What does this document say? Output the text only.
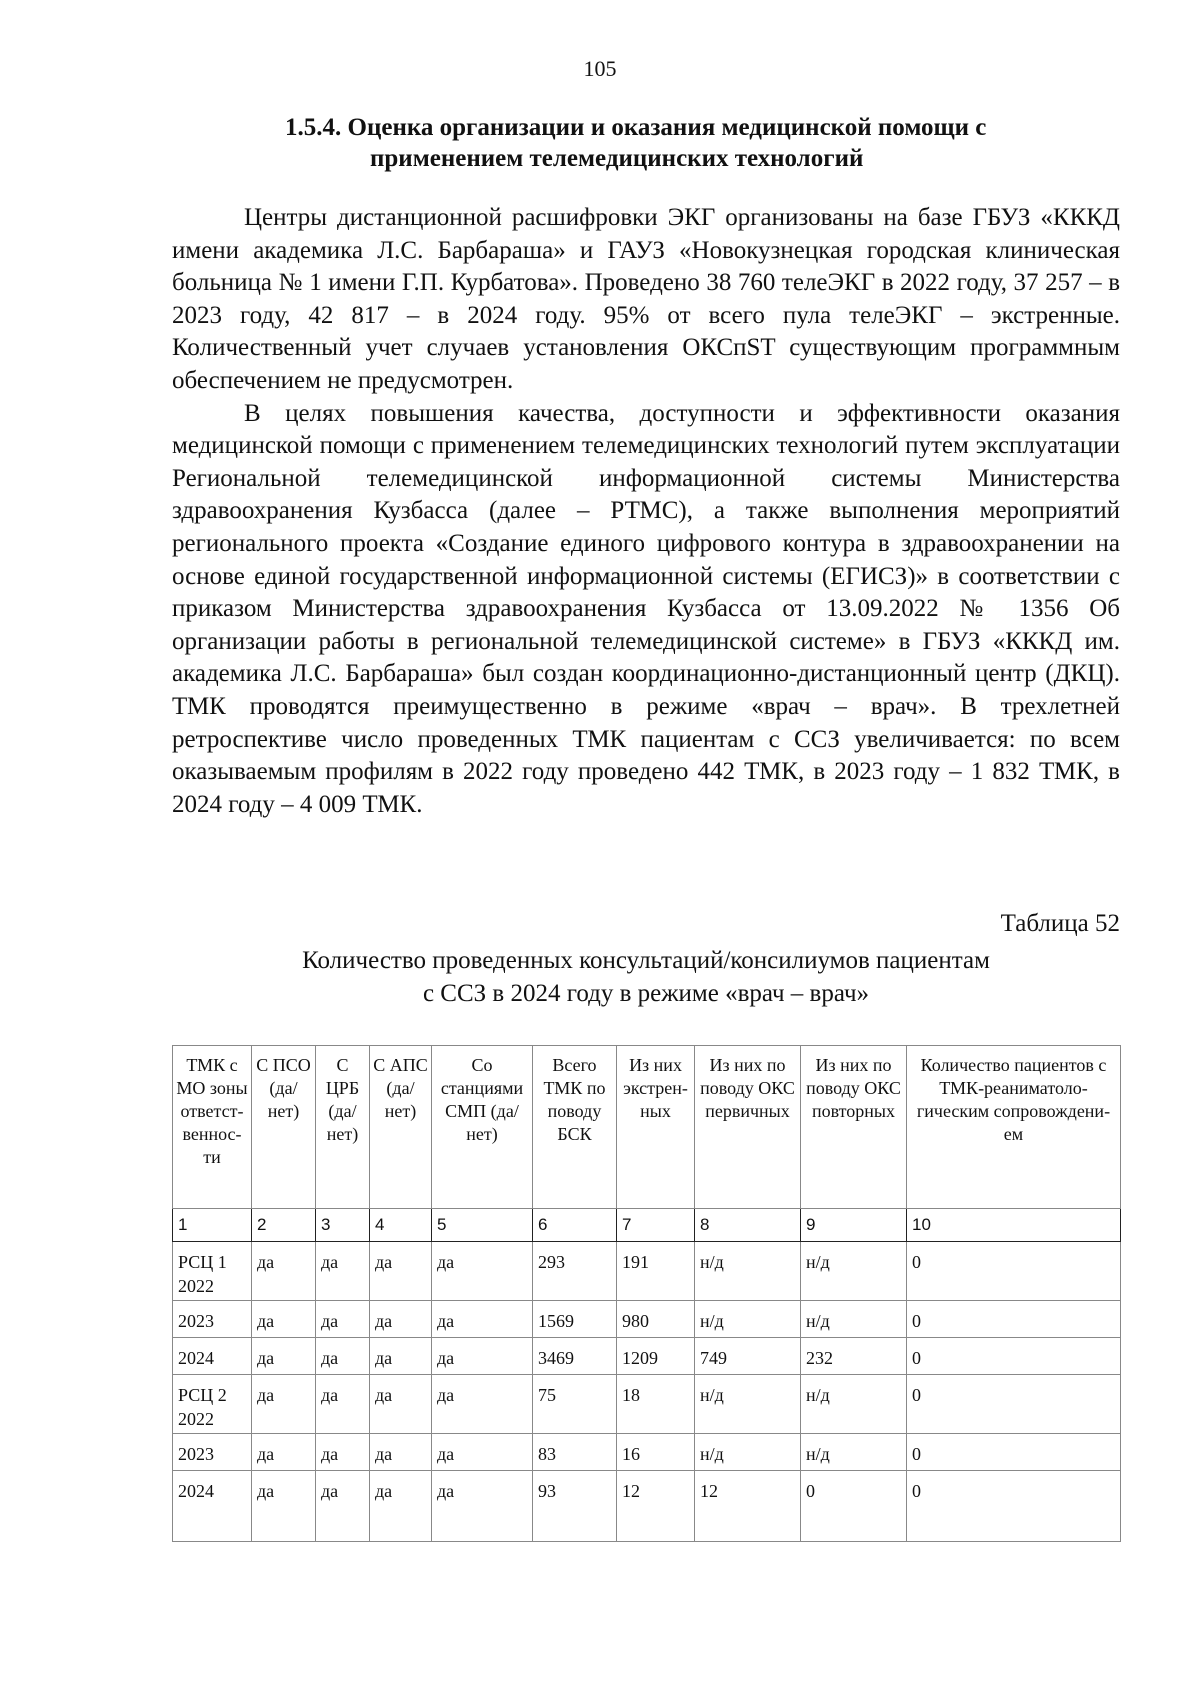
105
1.5.4. Оценка организации и оказания медицинской помощи с
применением телемедицинских технологий

Центры дистанционной расшифровки ЭКГ организованы на базе ГБУЗ «КККД имени академика Л.С. Барбараша» и ГАУЗ «Новокузнецкая городская клиническая больница № 1 имени Г.П. Курбатова». Проведено 38 760 телеЭКГ в 2022 году, 37 257 – в 2023 году, 42 817 – в 2024 году. 95% от всего пула телеЭКГ – экстренные. Количественный учет случаев установления ОКСпST существующим программным обеспечением не предусмотрен.

В целях повышения качества, доступности и эффективности оказания медицинской помощи с применением телемедицинских технологий путем эксплуатации Региональной телемедицинской информационной системы Министерства здравоохранения Кузбасса (далее – РТМС), а также выполнения мероприятий регионального проекта «Создание единого цифрового контура в здравоохранении на основе единой государственной информационной системы (ЕГИСЗ)» в соответствии с приказом Министерства здравоохранения Кузбасса от 13.09.2022 № 1356 Об организации работы в региональной телемедицинской системе» в ГБУЗ «КККД им. академика Л.С. Барбараша» был создан координационно-дистанционный центр (ДКЦ). ТМК проводятся преимущественно в режиме «врач – врач». В трехлетней ретроспективе число проведенных ТМК пациентам с ССЗ увеличивается: по всем оказываемым профилям в 2022 году проведено 442 ТМК, в 2023 году – 1 832 ТМК, в 2024 году – 4 009 ТМК.

Таблица 52
Количество проведенных консультаций/консилиумов пациентам
с ССЗ в 2024 году в режиме «врач – врач»
ТМК с МО зоны ответст-веннос-ти	С ПСО (да/ нет)	С ЦРБ (да/ нет)	С АПС (да/ нет)	Со станциями СМП (да/нет)	Всего ТМК по поводу БСК	Из них экстрен-ных	Из них по поводу ОКС первичных	Из них по поводу ОКС повторных	Количество пациентов с ТМК-реаниматоло-гическим сопровождени-ем
1	2	3	4	5	6	7	8	9	10
РСЦ 1 2022	да	да	да	да	293	191	н/д	н/д	0
2023	да	да	да	да	1569	980	н/д	н/д	0
2024	да	да	да	да	3469	1209	749	232	0
РСЦ 2 2022	да	да	да	да	75	18	н/д	н/д	0
2023	да	да	да	да	83	16	н/д	н/д	0
2024	да	да	да	да	93	12	12	0	0
